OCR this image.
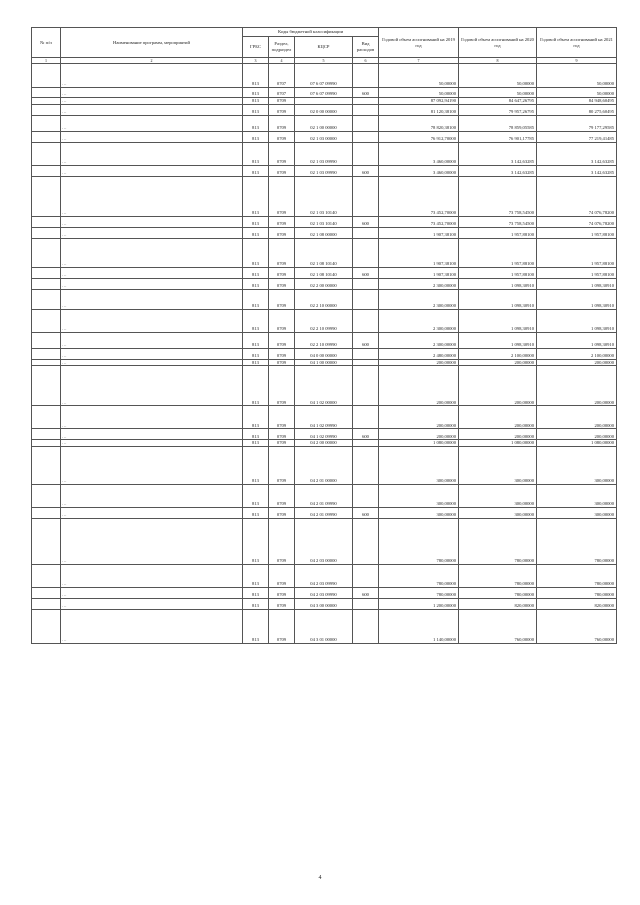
№ п/п	Наименование программ, мероприятий	Коды бюджетной классификации				Годовой объем ассигнований на 2019 год	Годовой объем ассигнований на 2020 год	Годовой объем ассигнований на 2021 год
		ГРБС	Раздел, подраздел	КЦСР	Вид расходов			
1	2	3	4	5	6	7	8	9
	…	813	0707	07 6 07 09990		50,00000	50,00000	50,00000
	…	813	0707	07 6 07 09990	600	50,00000	50,00000	50,00000
	…	813	0709			87 092,94190	84 647,26795	84 948,60495
	…	813	0709	02 0 00 00000		81 120,38100	79 957,26795	80 275,60495
	…	813	0709	02 1 00 00000		78 820,38100	78 859,05585	79 177,29585
	…	813	0709	02 1 03 00000		76 912,70000	76 901,17785	77 219,41485
	…	813	0709	02 1 03 09990		3 460,00000	3 142,63285	3 142,63285
	…	813	0709	02 1 03 09990	600	3 460,00000	3 142,63285	3 142,63285
	…	813	0709	02 1 03 10140		73 452,70000	73 758,54500	74 076,78200
	…	813	0709	02 1 03 10140	600	73 452,70000	73 758,54500	74 076,78200
	…	813	0709	02 1 08 00000		1 907,38100	1 957,88100	1 957,88100
	…	813	0709	02 1 08 10140		1 907,38100	1 957,88100	1 957,88100
	…	813	0709	02 1 08 10140	600	1 907,38100	1 957,88100	1 957,88100
	…	813	0709	02 2 00 00000		2 300,00000	1 098,30910	1 098,30910
	…	813	0709	02 2 10 00000		2 300,00000	1 098,30910	1 098,30910
	…	813	0709	02 2 10 09990		2 300,00000	1 098,30910	1 098,30910
	…	813	0709	02 2 10 09990	600	2 300,00000	1 098,30910	1 098,30910
	…	813	0709	04 0 00 00000		2 480,00000	2 100,00000	2 100,00000
	…	813	0709	04 1 00 00000		200,00000	200,00000	200,00000
	…	813	0709	04 1 02 00000		200,00000	200,00000	200,00000
	…	813	0709	04 1 02 09990		200,00000	200,00000	200,00000
	…	813	0709	04 1 02 09990	600	200,00000	200,00000	200,00000
	…	813	0709	04 2 00 00000		1 080,00000	1 080,00000	1 080,00000
	…	813	0709	04 2 01 00000		300,00000	300,00000	300,00000
	…	813	0709	04 2 01 09990		300,00000	300,00000	300,00000
	…	813	0709	04 2 01 09990	600	300,00000	300,00000	300,00000
	…	813	0709	04 2 03 00000		780,00000	780,00000	780,00000
	…	813	0709	04 2 03 09990		780,00000	780,00000	780,00000
	…	813	0709	04 2 03 09990	600	780,00000	780,00000	780,00000
	…	813	0709	04 3 00 00000		1 200,00000	820,00000	820,00000
	…	813	0709	04 3 01 00000		1 140,00000	760,00000	760,00000
4
